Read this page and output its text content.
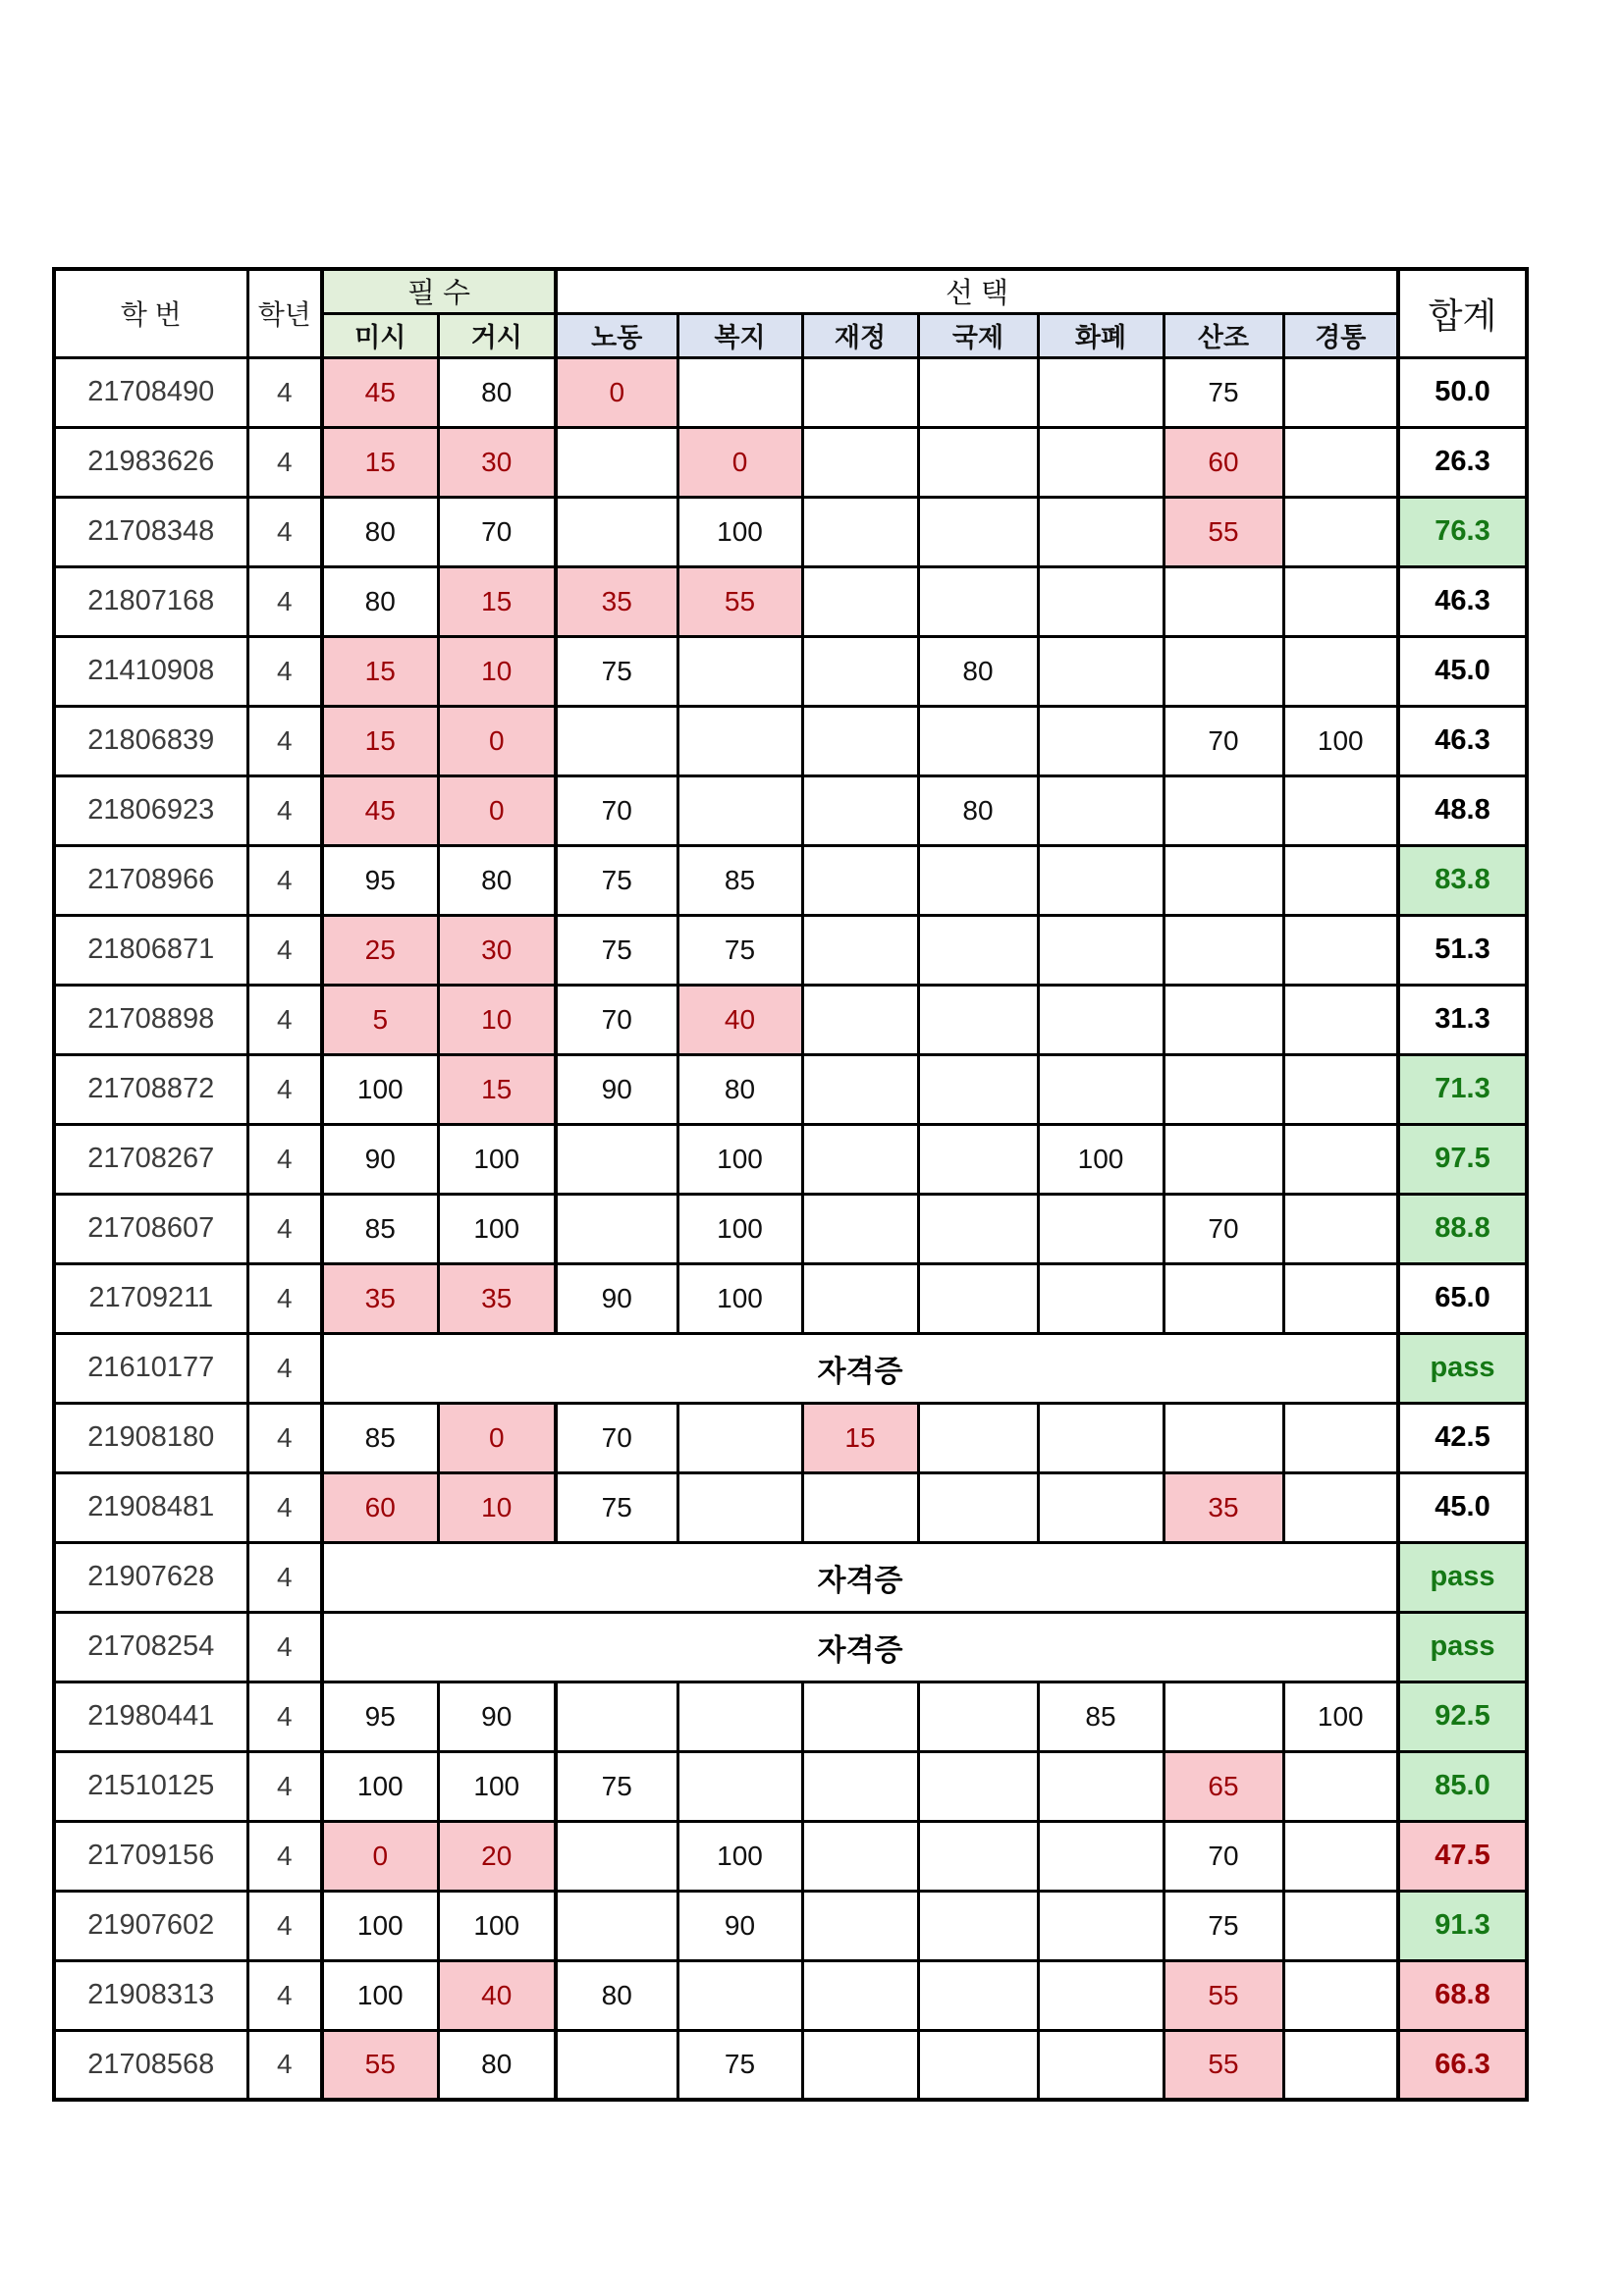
학 번	학년	필 수		선 택							합계
		미시	거시	노동	복지	재정	국제	화폐	산조	경통	
21708490	4	45	80	0					75		50.0
21983626	4	15	30		0				60		26.3
21708348	4	80	70		100				55		76.3
21807168	4	80	15	35	55						46.3
21410908	4	15	10	75			80				45.0
21806839	4	15	0						70	100	46.3
21806923	4	45	0	70			80				48.8
21708966	4	95	80	75	85						83.8
21806871	4	25	30	75	75						51.3
21708898	4	5	10	70	40						31.3
21708872	4	100	15	90	80						71.3
21708267	4	90	100		100			100			97.5
21708607	4	85	100		100				70		88.8
21709211	4	35	35	90	100						65.0
21610177	4	자격증									pass
21908180	4	85	0	70		15					42.5
21908481	4	60	10	75					35		45.0
21907628	4	자격증									pass
21708254	4	자격증									pass
21980441	4	95	90					85		100	92.5
21510125	4	100	100	75					65		85.0
21709156	4	0	20		100				70		47.5
21907602	4	100	100		90				75		91.3
21908313	4	100	40	80					55		68.8
21708568	4	55	80		75				55		66.3
